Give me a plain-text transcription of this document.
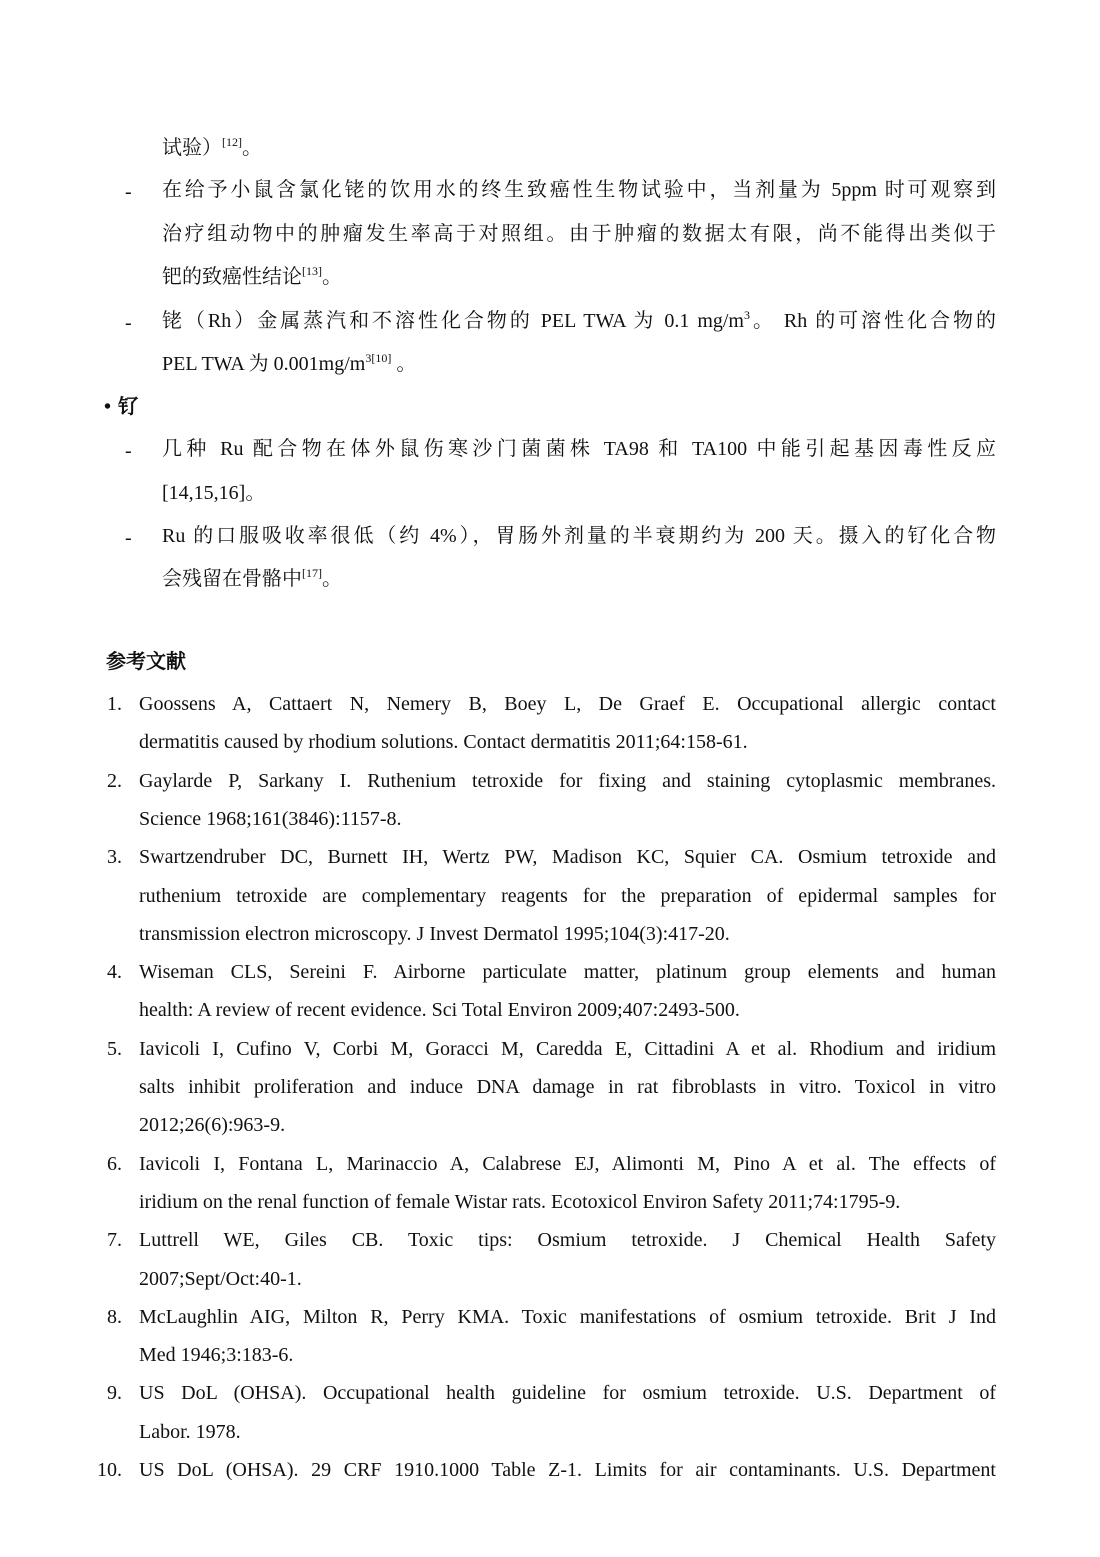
试验）[12]。
- 在给予小鼠含氯化铑的饮用水的终生致癌性生物试验中，当剂量为 5ppm 时可观察到
治疗组动物中的肿瘤发生率高于对照组。由于肿瘤的数据太有限，尚不能得出类似于
钯的致癌性结论[13]。
- 铑（Rh）金属蒸汽和不溶性化合物的 PEL TWA 为 0.1 $mg/m^3$。 Rh 的可溶性化合物的
PEL TWA 为 $0.001mg/m^{3[10]}$ 。
• 钌
- 几种 Ru 配合物在体外鼠伤寒沙门菌菌株 TA98 和 TA100 中能引起基因毒性反应
[14,15,16]。
- Ru 的口服吸收率很低（约 4%），胃肠外剂量的半衰期约为 200 天。摄入的钌化合物
会残留在骨骼中[17]。
参考文献
1. Goossens A, Cattaert N, Nemery B, Boey L, De Graef E. Occupational allergic contact
dermatitis caused by rhodium solutions. Contact dermatitis 2011;64:158-61.
2. Gaylarde P, Sarkany I. Ruthenium tetroxide for fixing and staining cytoplasmic membranes.
Science 1968;161(3846):1157-8.
3. Swartzendruber DC, Burnett IH, Wertz PW, Madison KC, Squier CA. Osmium tetroxide and
ruthenium tetroxide are complementary reagents for the preparation of epidermal samples for
transmission electron microscopy. J Invest Dermatol 1995;104(3):417-20.
4. Wiseman CLS, Sereini F. Airborne particulate matter, platinum group elements and human
health: A review of recent evidence. Sci Total Environ 2009;407:2493-500.
5. Iavicoli I, Cufino V, Corbi M, Goracci M, Caredda E, Cittadini A et al. Rhodium and iridium
salts inhibit proliferation and induce DNA damage in rat fibroblasts in vitro. Toxicol in vitro
2012;26(6):963-9.
6. Iavicoli I, Fontana L, Marinaccio A, Calabrese EJ, Alimonti M, Pino A et al. The effects of
iridium on the renal function of female Wistar rats. Ecotoxicol Environ Safety 2011;74:1795-9.
7. Luttrell WE, Giles CB. Toxic tips: Osmium tetroxide. J Chemical Health Safety
2007;Sept/Oct:40-1.
8. McLaughlin AIG, Milton R, Perry KMA. Toxic manifestations of osmium tetroxide. Brit J Ind
Med 1946;3:183-6.
9. US DoL (OHSA). Occupational health guideline for osmium tetroxide. U.S. Department of
Labor. 1978.
10. US DoL (OHSA). 29 CRF 1910.1000 Table Z-1. Limits for air contaminants. U.S. Department
